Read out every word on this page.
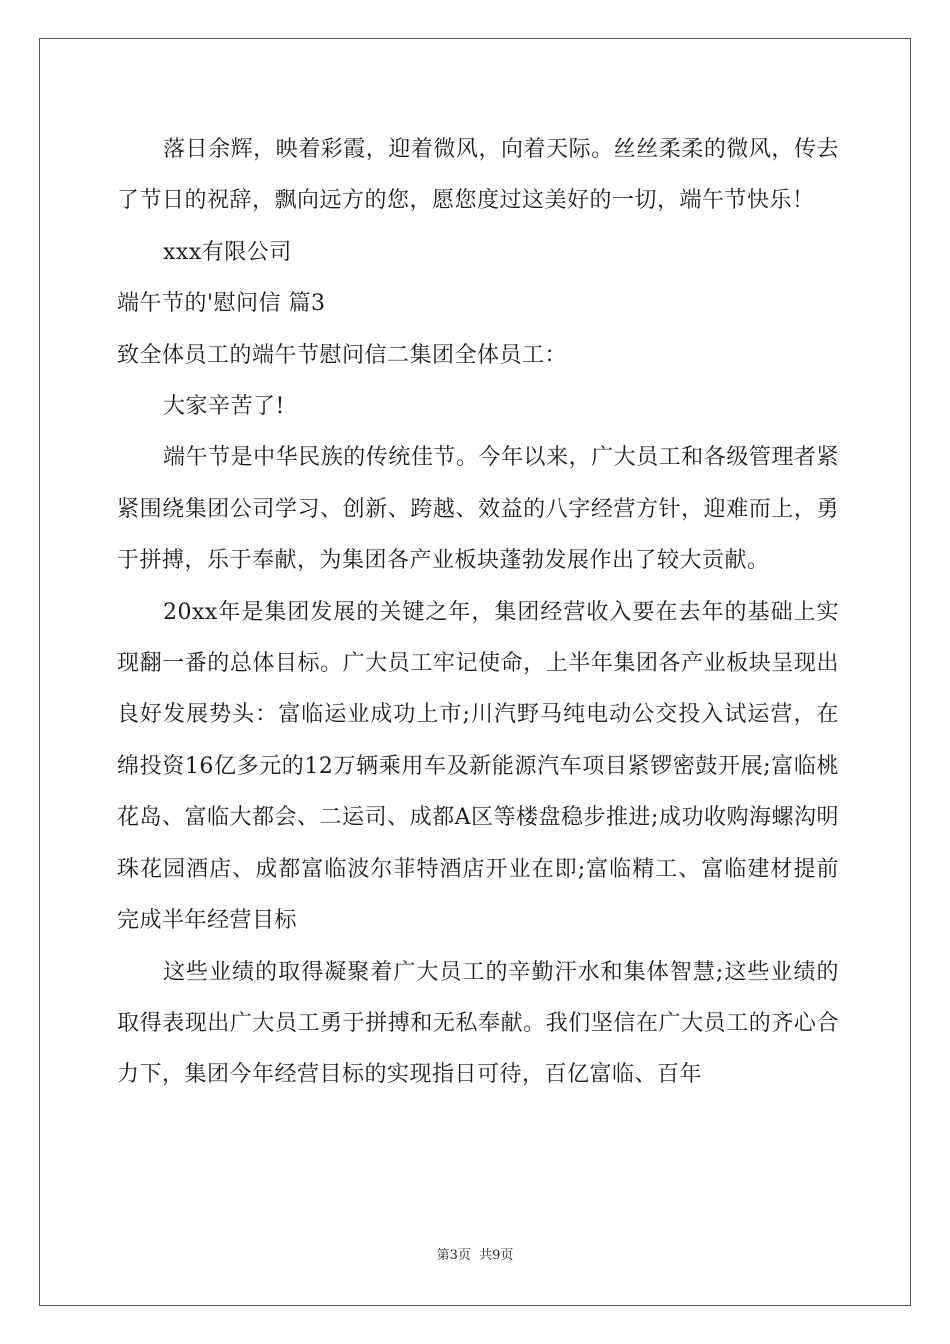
落日余辉，映着彩霞，迎着微风，向着天际。丝丝柔柔的微风，传去了节日的祝辞，飘向远方的您，愿您度过这美好的一切，端午节快乐！

xxx有限公司

端午节的'慰问信 篇3

致全体员工的端午节慰问信二集团全体员工：

大家辛苦了!

端午节是中华民族的传统佳节。今年以来，广大员工和各级管理者紧紧围绕集团公司学习、创新、跨越、效益的八字经营方针，迎难而上，勇于拼搏，乐于奉献，为集团各产业板块蓬勃发展作出了较大贡献。

20xx年是集团发展的关键之年，集团经营收入要在去年的基础上实现翻一番的总体目标。广大员工牢记使命，上半年集团各产业板块呈现出良好发展势头：富临运业成功上市;川汽野马纯电动公交投入试运营，在绵投资16亿多元的12万辆乘用车及新能源汽车项目紧锣密鼓开展;富临桃花岛、富临大都会、二运司、成都A区等楼盘稳步推进;成功收购海螺沟明珠花园酒店、成都富临波尔菲特酒店开业在即;富临精工、富临建材提前完成半年经营目标

这些业绩的取得凝聚着广大员工的辛勤汗水和集体智慧;这些业绩的取得表现出广大员工勇于拼搏和无私奉献。我们坚信在广大员工的齐心合力下，集团今年经营目标的实现指日可待，百亿富临、百年

第3页 共9页
